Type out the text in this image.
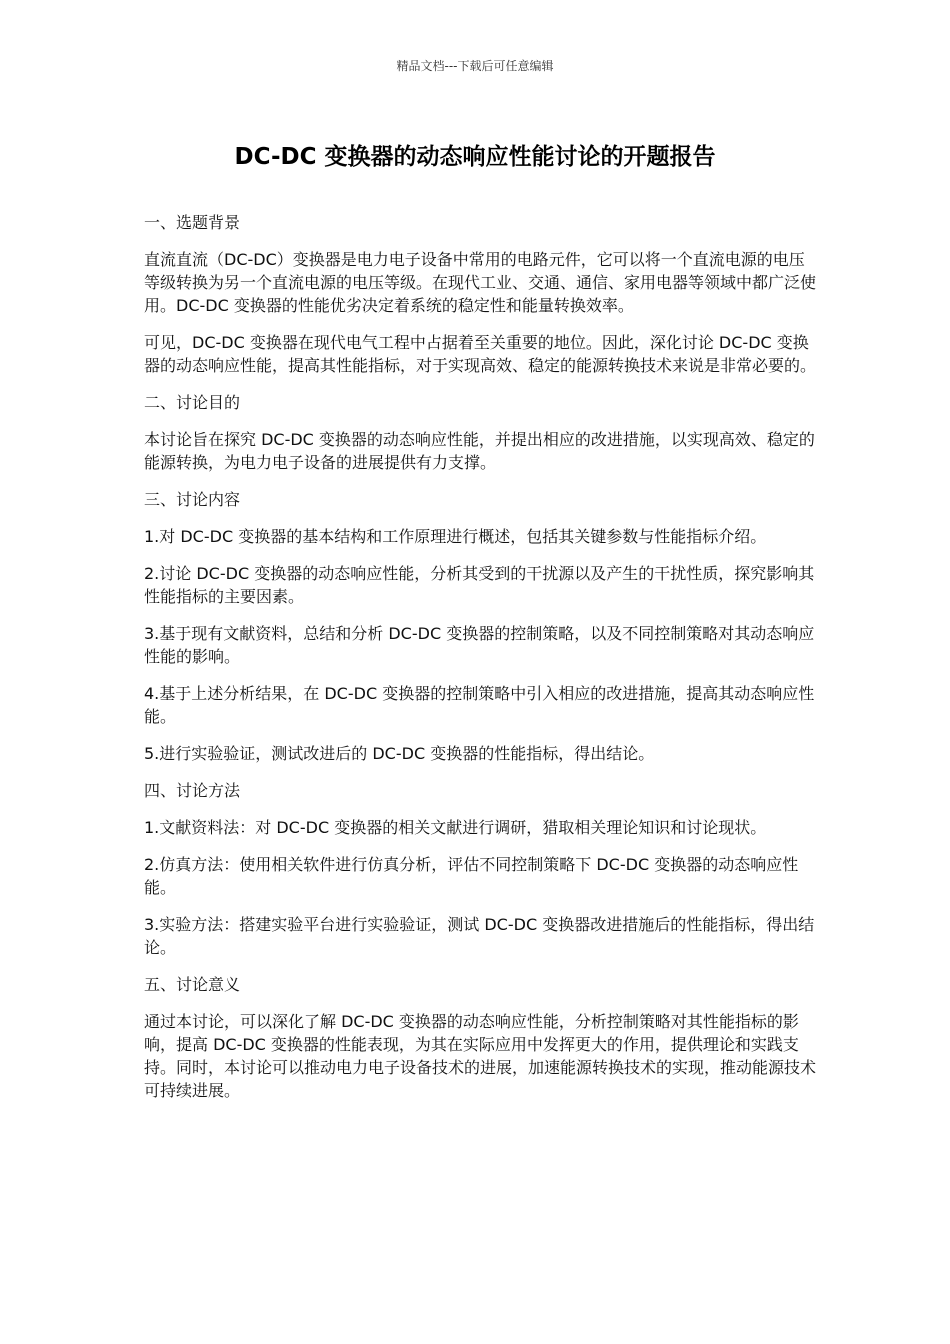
精品文档---下载后可任意编辑
DC-DC 变换器的动态响应性能讨论的开题报告

一、选题背景

直流直流（DC-DC）变换器是电力电子设备中常用的电路元件，它可以将一个直流电源的电压等级转换为另一个直流电源的电压等级。在现代工业、交通、通信、家用电器等领域中都广泛使用。DC-DC 变换器的性能优劣决定着系统的稳定性和能量转换效率。

可见，DC-DC 变换器在现代电气工程中占据着至关重要的地位。因此，深化讨论 DC-DC 变换器的动态响应性能，提高其性能指标，对于实现高效、稳定的能源转换技术来说是非常必要的。

二、讨论目的

本讨论旨在探究 DC-DC 变换器的动态响应性能，并提出相应的改进措施，以实现高效、稳定的能源转换，为电力电子设备的进展提供有力支撑。

三、讨论内容

1.对 DC-DC 变换器的基本结构和工作原理进行概述，包括其关键参数与性能指标介绍。

2.讨论 DC-DC 变换器的动态响应性能，分析其受到的干扰源以及产生的干扰性质，探究影响其性能指标的主要因素。

3.基于现有文献资料，总结和分析 DC-DC 变换器的控制策略，以及不同控制策略对其动态响应性能的影响。

4.基于上述分析结果，在 DC-DC 变换器的控制策略中引入相应的改进措施，提高其动态响应性能。

5.进行实验验证，测试改进后的 DC-DC 变换器的性能指标，得出结论。

四、讨论方法

1.文献资料法：对 DC-DC 变换器的相关文献进行调研，猎取相关理论知识和讨论现状。

2.仿真方法：使用相关软件进行仿真分析，评估不同控制策略下 DC-DC 变换器的动态响应性能。

3.实验方法：搭建实验平台进行实验验证，测试 DC-DC 变换器改进措施后的性能指标，得出结论。

五、讨论意义

通过本讨论，可以深化了解 DC-DC 变换器的动态响应性能，分析控制策略对其性能指标的影响，提高 DC-DC 变换器的性能表现，为其在实际应用中发挥更大的作用，提供理论和实践支持。同时，本讨论可以推动电力电子设备技术的进展，加速能源转换技术的实现，推动能源技术可持续进展。
